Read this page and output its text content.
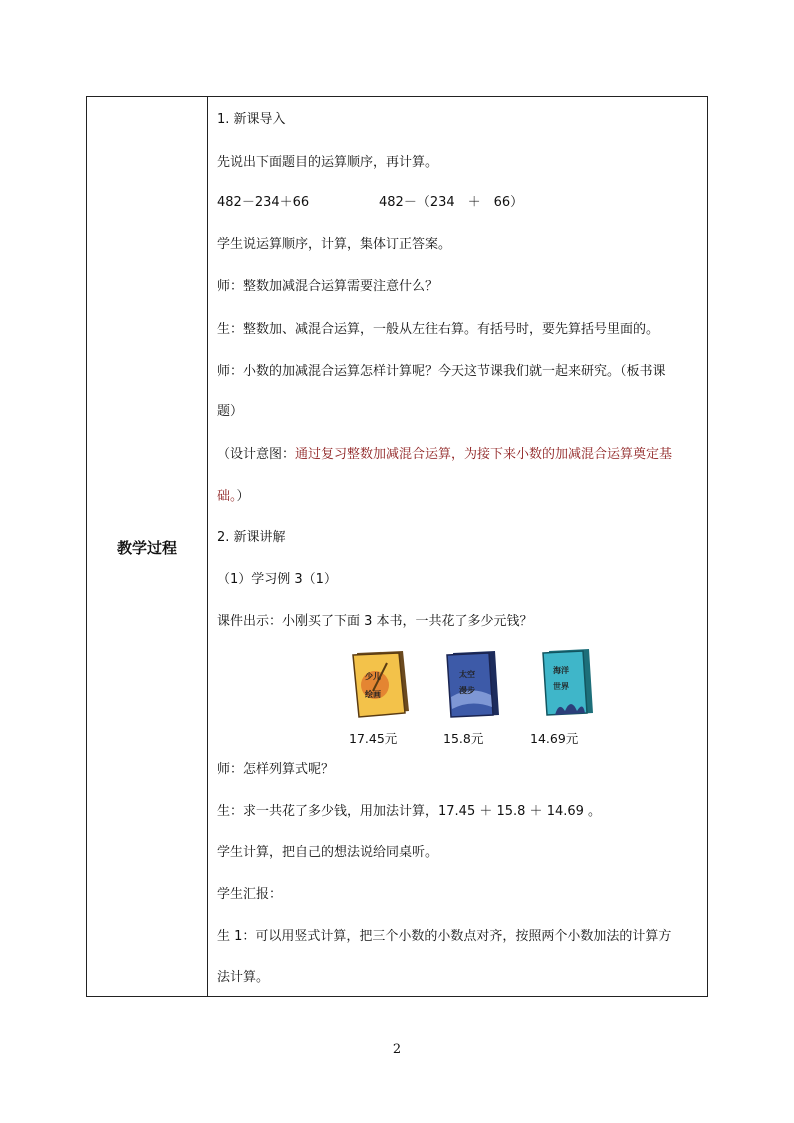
教学过程
1. 新课导入
先说出下面题目的运算顺序，再计算。
482－234＋66	482－（234　＋　66）
学生说运算顺序，计算，集体订正答案。
师：整数加减混合运算需要注意什么？
生：整数加、减混合运算，一般从左往右算。有括号时，要先算括号里面的。
师：小数的加减混合运算怎样计算呢？今天这节课我们就一起来研究。（板书课
题）
（设计意图：通过复习整数加减混合运算，为接下来小数的加减混合运算奠定基
础。）
2. 新课讲解
（1）学习例 3（1）
课件出示：小刚买了下面 3 本书，一共花了多少元钱？
少儿
绘画
太空
漫步
海洋
世界
17.45元	15.8元	14.69元
师：怎样列算式呢？
生：求一共花了多少钱，用加法计算，17.45 ＋ 15.8 ＋ 14.69 。
学生计算，把自己的想法说给同桌听。
学生汇报：
生 1：可以用竖式计算，把三个小数的小数点对齐，按照两个小数加法的计算方
法计算。
2
